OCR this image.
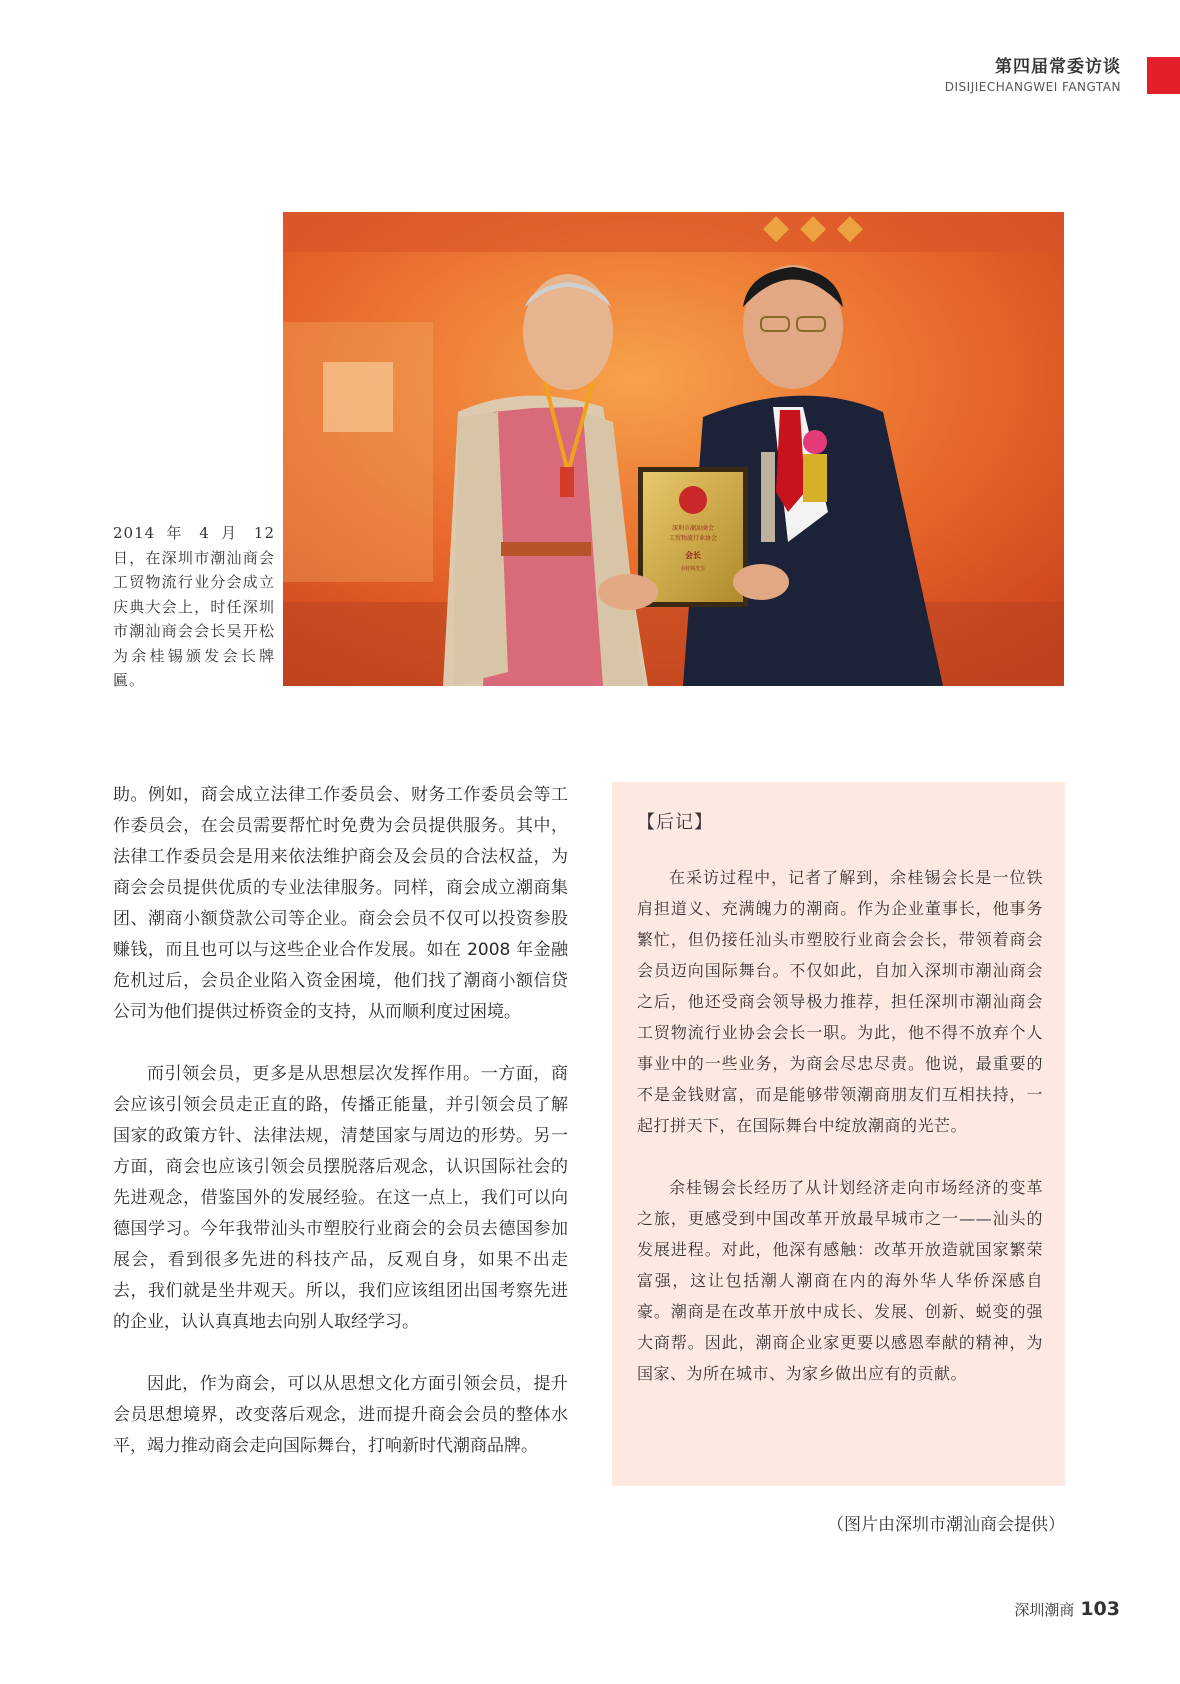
第四届常委访谈
DISIJIECHANGWEI FANGTAN
◆ ◆ ◆
深圳市潮汕商会
工贸物流行业协会
会长
余桂锡先生
2014 年 4 月 12 日，在深圳市潮汕商会工贸物流行业分会成立庆典大会上，时任深圳市潮汕商会会长吴开松为余桂锡颁发会长牌匾。

助。例如，商会成立法律工作委员会、财务工作委员会等工作委员会，在会员需要帮忙时免费为会员提供服务。其中，法律工作委员会是用来依法维护商会及会员的合法权益，为商会会员提供优质的专业法律服务。同样，商会成立潮商集团、潮商小额贷款公司等企业。商会会员不仅可以投资参股赚钱，而且也可以与这些企业合作发展。如在 2008 年金融危机过后，会员企业陷入资金困境，他们找了潮商小额信贷公司为他们提供过桥资金的支持，从而顺利度过困境。

而引领会员，更多是从思想层次发挥作用。一方面，商会应该引领会员走正直的路，传播正能量，并引领会员了解国家的政策方针、法律法规，清楚国家与周边的形势。另一方面，商会也应该引领会员摆脱落后观念，认识国际社会的先进观念，借鉴国外的发展经验。在这一点上，我们可以向德国学习。今年我带汕头市塑胶行业商会的会员去德国参加展会，看到很多先进的科技产品，反观自身，如果不出走去，我们就是坐井观天。所以，我们应该组团出国考察先进的企业，认认真真地去向别人取经学习。

因此，作为商会，可以从思想文化方面引领会员，提升会员思想境界，改变落后观念，进而提升商会会员的整体水平，竭力推动商会走向国际舞台，打响新时代潮商品牌。

【后记】

在采访过程中，记者了解到，余桂锡会长是一位铁肩担道义、充满魄力的潮商。作为企业董事长，他事务繁忙，但仍接任汕头市塑胶行业商会会长，带领着商会会员迈向国际舞台。不仅如此，自加入深圳市潮汕商会之后，他还受商会领导极力推荐，担任深圳市潮汕商会工贸物流行业协会会长一职。为此，他不得不放弃个人事业中的一些业务，为商会尽忠尽责。他说，最重要的不是金钱财富，而是能够带领潮商朋友们互相扶持，一起打拼天下，在国际舞台中绽放潮商的光芒。

余桂锡会长经历了从计划经济走向市场经济的变革之旅，更感受到中国改革开放最早城市之一——汕头的发展进程。对此，他深有感触：改革开放造就国家繁荣富强，这让包括潮人潮商在内的海外华人华侨深感自豪。潮商是在改革开放中成长、发展、创新、蜕变的强大商帮。因此，潮商企业家更要以感恩奉献的精神，为国家、为所在城市、为家乡做出应有的贡献。

（图片由深圳市潮汕商会提供）
深圳潮商 103
